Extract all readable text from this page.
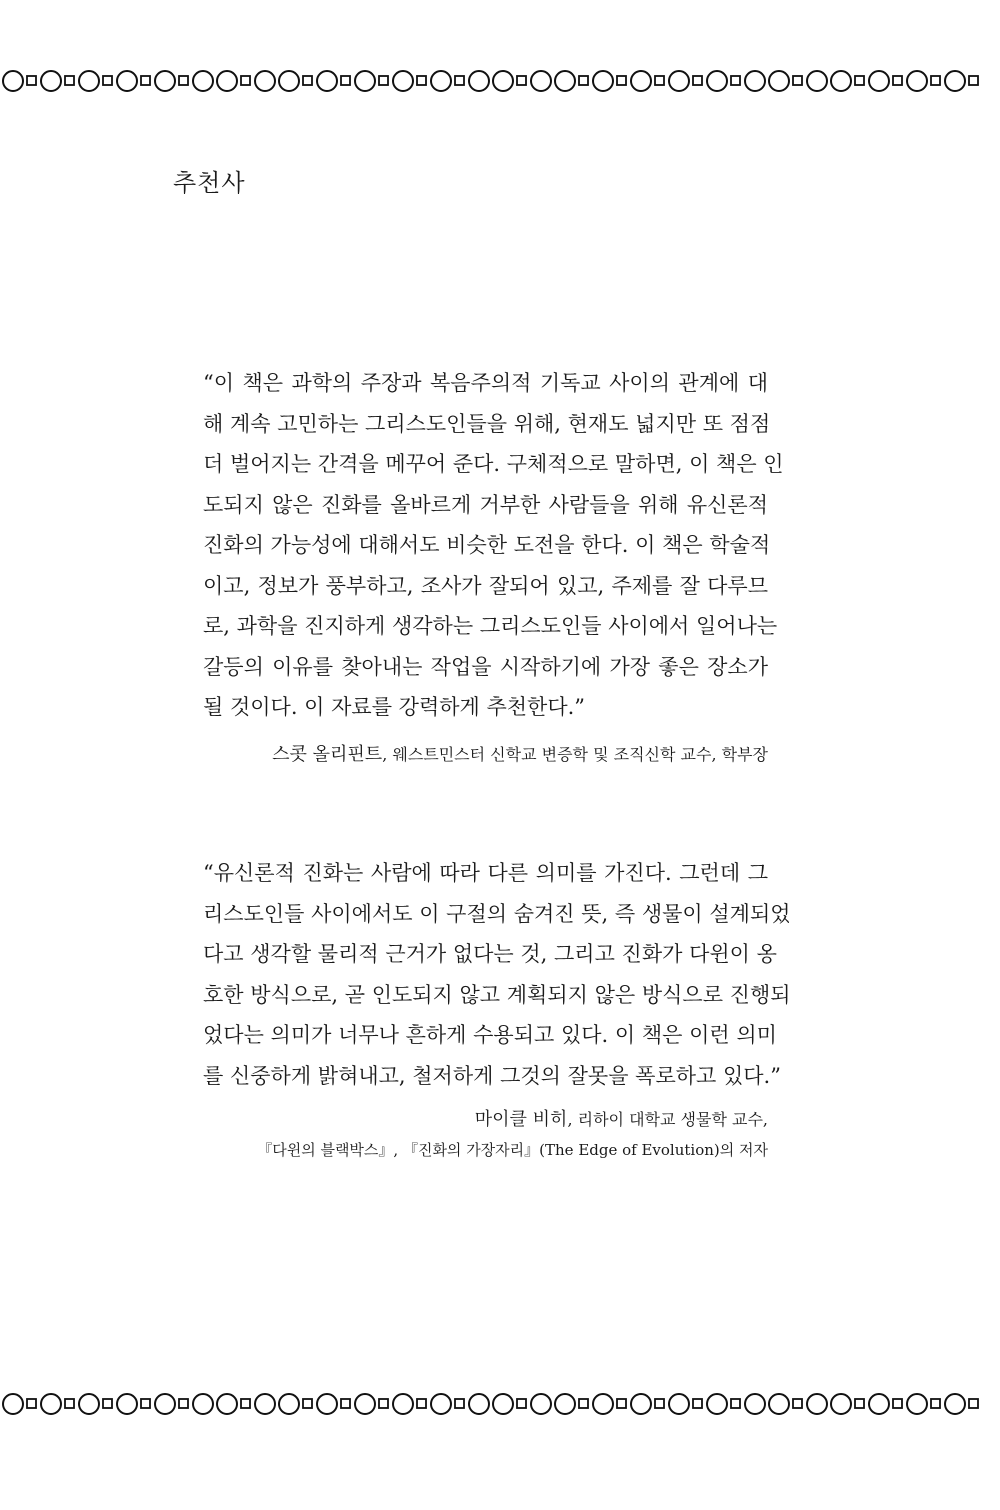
추천사
“이 책은 과학의 주장과 복음주의적 기독교 사이의 관계에 대
해 계속 고민하는 그리스도인들을 위해, 현재도 넓지만 또 점점
더 벌어지는 간격을 메꾸어 준다. 구체적으로 말하면, 이 책은 인
도되지 않은 진화를 올바르게 거부한 사람들을 위해 유신론적
진화의 가능성에 대해서도 비슷한 도전을 한다. 이 책은 학술적
이고, 정보가 풍부하고, 조사가 잘되어 있고, 주제를 잘 다루므
로, 과학을 진지하게 생각하는 그리스도인들 사이에서 일어나는
갈등의 이유를 찾아내는 작업을 시작하기에 가장 좋은 장소가
될 것이다. 이 자료를 강력하게 추천한다.”
스콧 올리핀트, 웨스트민스터 신학교 변증학 및 조직신학 교수, 학부장
“유신론적 진화는 사람에 따라 다른 의미를 가진다. 그런데 그
리스도인들 사이에서도 이 구절의 숨겨진 뜻, 즉 생물이 설계되었
다고 생각할 물리적 근거가 없다는 것, 그리고 진화가 다윈이 옹
호한 방식으로, 곧 인도되지 않고 계획되지 않은 방식으로 진행되
었다는 의미가 너무나 흔하게 수용되고 있다. 이 책은 이런 의미
를 신중하게 밝혀내고, 철저하게 그것의 잘못을 폭로하고 있다.”
마이클 비히, 리하이 대학교 생물학 교수,
『다윈의 블랙박스』, 『진화의 가장자리』(The Edge of Evolution)의 저자
